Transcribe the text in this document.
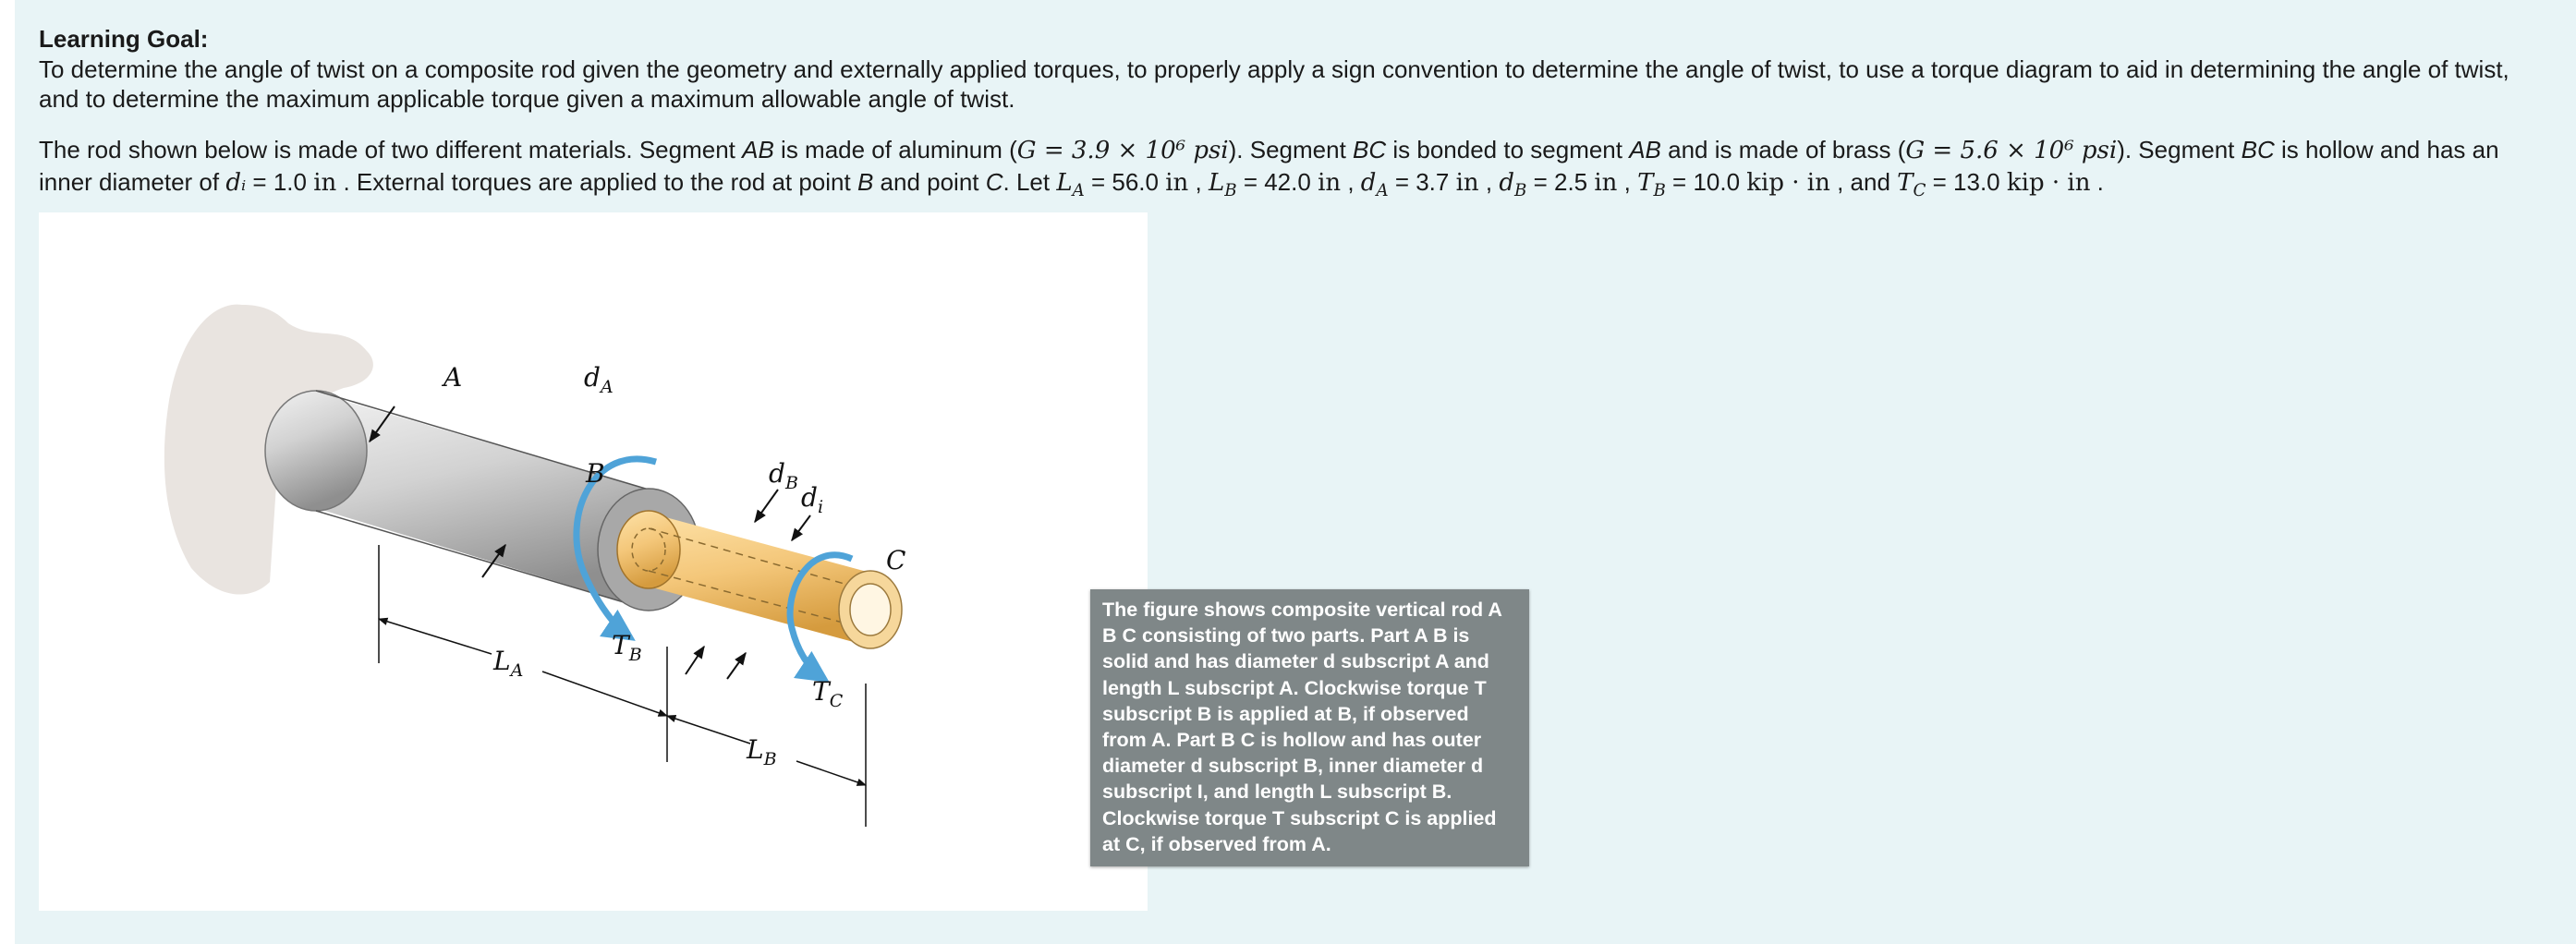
Learning Goal:
To determine the angle of twist on a composite rod given the geometry and externally applied torques, to properly apply a sign convention to determine the angle of twist, to use a torque diagram to aid in determining the angle of twist, and to determine the maximum applicable torque given a maximum allowable angle of twist.
The rod shown below is made of two different materials. Segment AB is made of aluminum (G = 3.9 × 10⁶ psi). Segment BC is bonded to segment AB and is made of brass (G = 5.6 × 10⁶ psi). Segment BC is hollow and has an inner diameter of dᵢ = 1.0 in . External torques are applied to the rod at point B and point C. Let $L_A = 56.0$ in , $L_B = 42.0$ in , $d_A = 3.7$ in , $d_B = 2.5$ in , $T_B = 10.0$ kip · in , and $T_C = 13.0$ kip · in .
A
B
C
$d_A$
$d_B$ $d_i$
$T_B$
$T_C$
$L_A$
$L_B$
The figure shows composite vertical rod A B C consisting of two parts. Part A B is solid and has diameter d subscript A and length L subscript A. Clockwise torque T subscript B is applied at B, if observed from A. Part B C is hollow and has outer diameter d subscript B, inner diameter d subscript I, and length L subscript B. Clockwise torque T subscript C is applied at C, if observed from A.
